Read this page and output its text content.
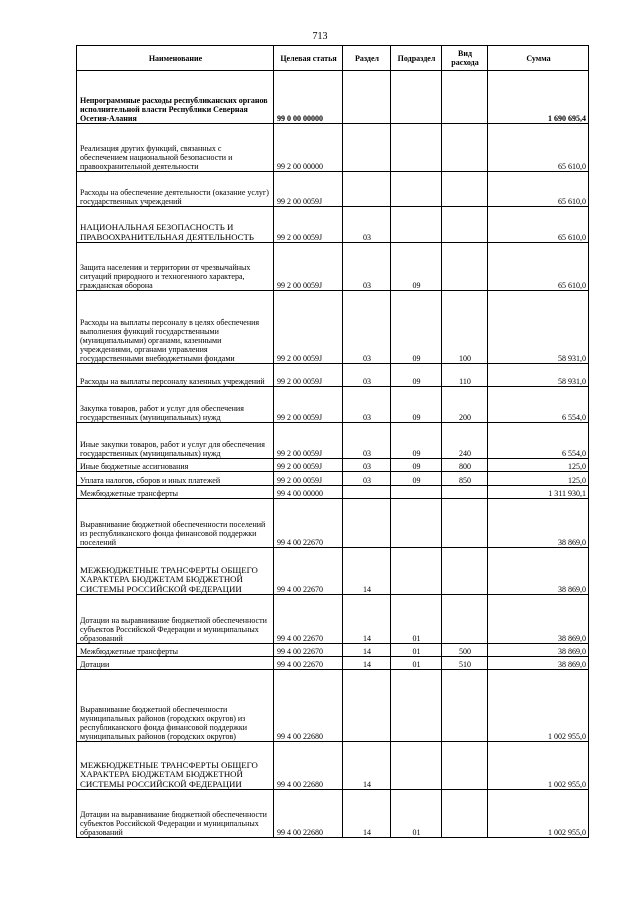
713
Наименование	Целевая статья	Раздел	Подраздел	Вид расхода	Сумма
Непрограммные расходы республиканских органов исполнительной власти Республики Северная Осетия-Алания	99 0 00 00000				1 690 695,4
Реализация других функций, связанных с обеспечением национальной безопасности и правоохранительной деятельности	99 2 00 00000				65 610,0
Расходы на обеспечение деятельности (оказание услуг) государственных учреждений	99 2 00 0059J				65 610,0
НАЦИОНАЛЬНАЯ БЕЗОПАСНОСТЬ И ПРАВООХРАНИТЕЛЬНАЯ ДЕЯТЕЛЬНОСТЬ	99 2 00 0059J	03			65 610,0
Защита населения и территории от чрезвычайных ситуаций природного и техногенного характера, гражданская оборона	99 2 00 0059J	03	09		65 610,0
Расходы на выплаты персоналу в целях обеспечения выполнения функций государственными (муниципальными) органами, казенными учреждениями, органами управления государственными внебюджетными фондами	99 2 00 0059J	03	09	100	58 931,0
Расходы на выплаты персоналу казенных учреждений	99 2 00 0059J	03	09	110	58 931,0
Закупка товаров, работ и услуг для обеспечения государственных (муниципальных) нужд	99 2 00 0059J	03	09	200	6 554,0
Иные закупки товаров, работ и услуг для обеспечения государственных (муниципальных) нужд	99 2 00 0059J	03	09	240	6 554,0
Иные бюджетные ассигнования	99 2 00 0059J	03	09	800	125,0
Уплата налогов, сборов и иных платежей	99 2 00 0059J	03	09	850	125,0
Межбюджетные трансферты	99 4 00 00000				1 311 930,1
Выравнивание бюджетной обеспеченности поселений из республиканского фонда финансовой поддержки поселений	99 4 00 22670				38 869,0
МЕЖБЮДЖЕТНЫЕ ТРАНСФЕРТЫ ОБЩЕГО ХАРАКТЕРА БЮДЖЕТАМ БЮДЖЕТНОЙ СИСТЕМЫ РОССИЙСКОЙ ФЕДЕРАЦИИ	99 4 00 22670	14			38 869,0
Дотации на выравнивание бюджетной обеспеченности субъектов Российской Федерации и муниципальных образований	99 4 00 22670	14	01		38 869,0
Межбюджетные трансферты	99 4 00 22670	14	01	500	38 869,0
Дотации	99 4 00 22670	14	01	510	38 869,0
Выравнивание бюджетной обеспеченности муниципальных районов (городских округов) из республиканского фонда финансовой поддержки муниципальных районов (городских округов)	99 4 00 22680				1 002 955,0
МЕЖБЮДЖЕТНЫЕ ТРАНСФЕРТЫ ОБЩЕГО ХАРАКТЕРА БЮДЖЕТАМ БЮДЖЕТНОЙ СИСТЕМЫ РОССИЙСКОЙ ФЕДЕРАЦИИ	99 4 00 22680	14			1 002 955,0
Дотации на выравнивание бюджетной обеспеченности субъектов Российской Федерации и муниципальных образований	99 4 00 22680	14	01		1 002 955,0
